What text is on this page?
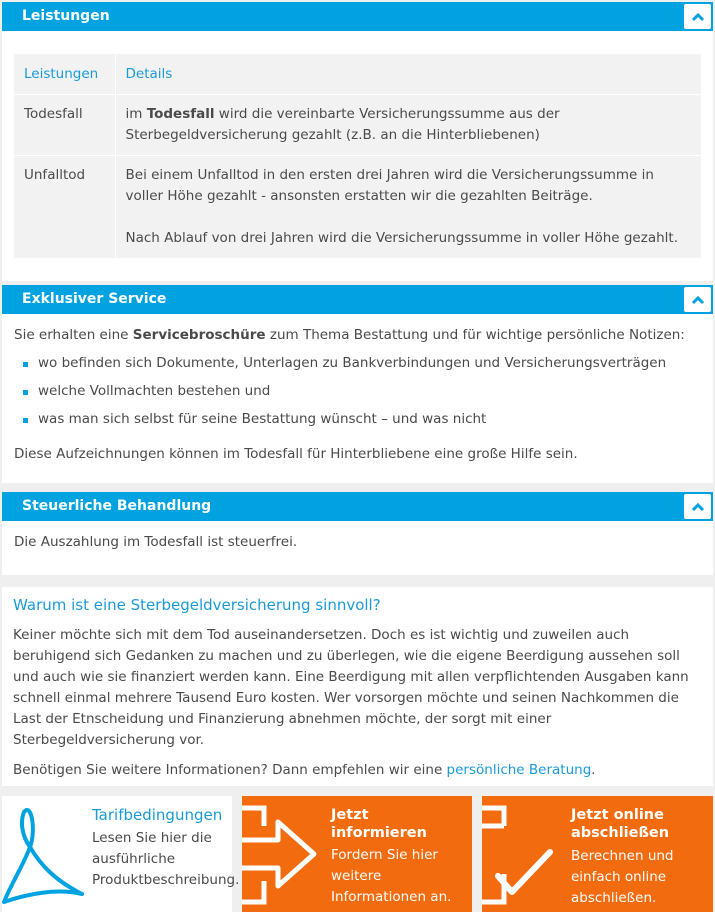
Leistungen
Leistungen	Details
Todesfall	im Todesfall wird die vereinbarte Versicherungssumme aus der Sterbegeldversicherung gezahlt (z.B. an die Hinterbliebenen)
Unfalltod	Bei einem Unfalltod in den ersten drei Jahren wird die Versicherungssumme in voller Höhe gezahlt - ansonsten erstatten wir die gezahlten Beiträge.
Nach Ablauf von drei Jahren wird die Versicherungssumme in voller Höhe gezahlt.
Exklusiver Service

Sie erhalten eine Servicebroschüre zum Thema Bestattung und für wichtige persönliche Notizen:

wo befinden sich Dokumente, Unterlagen zu Bankverbindungen und Versicherungsverträgen
welche Vollmachten bestehen und
was man sich selbst für seine Bestattung wünscht – und was nicht

Diese Aufzeichnungen können im Todesfall für Hinterbliebene eine große Hilfe sein.

Steuerliche Behandlung

Die Auszahlung im Todesfall ist steuerfrei.

Warum ist eine Sterbegeldversicherung sinnvoll?

Keiner möchte sich mit dem Tod auseinandersetzen. Doch es ist wichtig und zuweilen auch beruhigend sich Gedanken zu machen und zu überlegen, wie die eigene Beerdigung aussehen soll und auch wie sie finanziert werden kann. Eine Beerdigung mit allen verpflichtenden Ausgaben kann schnell einmal mehrere Tausend Euro kosten. Wer vorsorgen möchte und seinen Nachkommen die Last der Etnscheidung und Finanzierung abnehmen möchte, der sorgt mit einer Sterbegeldversicherung vor.

Benötigen Sie weitere Informationen? Dann empfehlen wir eine persönliche Beratung.

Tarifbedingungen
Lesen Sie hier die ausführliche Produktbeschreibung.
Jetzt informieren
Fordern Sie hier weitere Informationen an.
Jetzt online abschließen
Berechnen und einfach online abschließen.
